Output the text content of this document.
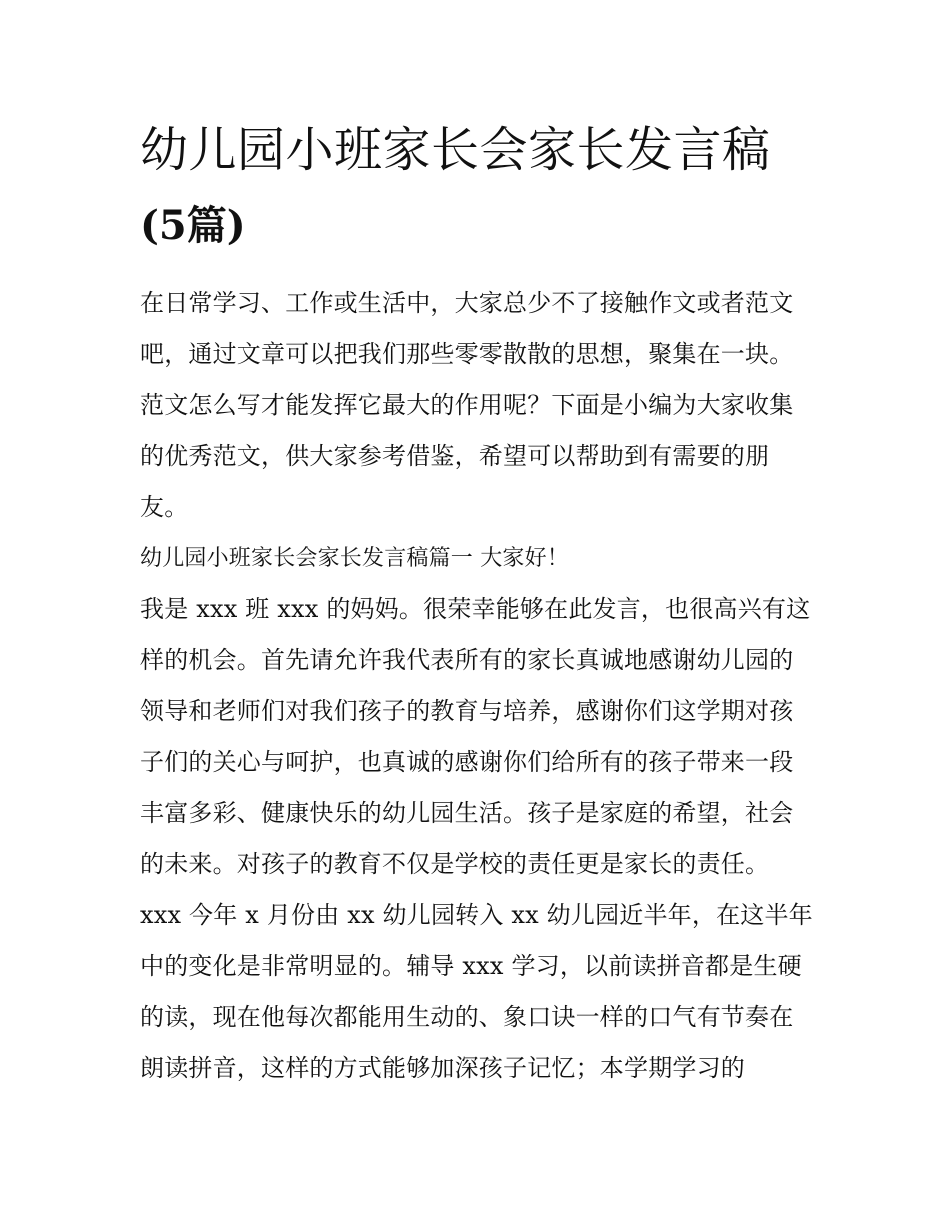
幼儿园小班家长会家长发言稿
(5篇)
在日常学习、工作或生活中，大家总少不了接触作文或者范文
吧，通过文章可以把我们那些零零散散的思想，聚集在一块。
范文怎么写才能发挥它最大的作用呢？下面是小编为大家收集
的优秀范文，供大家参考借鉴，希望可以帮助到有需要的朋
友。
幼儿园小班家长会家长发言稿篇一 大家好！
我是 xxx 班 xxx 的妈妈。很荣幸能够在此发言，也很高兴有这
样的机会。首先请允许我代表所有的家长真诚地感谢幼儿园的
领导和老师们对我们孩子的教育与培养，感谢你们这学期对孩
子们的关心与呵护，也真诚的感谢你们给所有的孩子带来一段
丰富多彩、健康快乐的幼儿园生活。孩子是家庭的希望，社会
的未来。对孩子的教育不仅是学校的责任更是家长的责任。
xxx 今年 x 月份由 xx 幼儿园转入 xx 幼儿园近半年，在这半年
中的变化是非常明显的。辅导 xxx 学习，以前读拼音都是生硬
的读，现在他每次都能用生动的、象口诀一样的口气有节奏在
朗读拼音，这样的方式能够加深孩子记忆；本学期学习的
